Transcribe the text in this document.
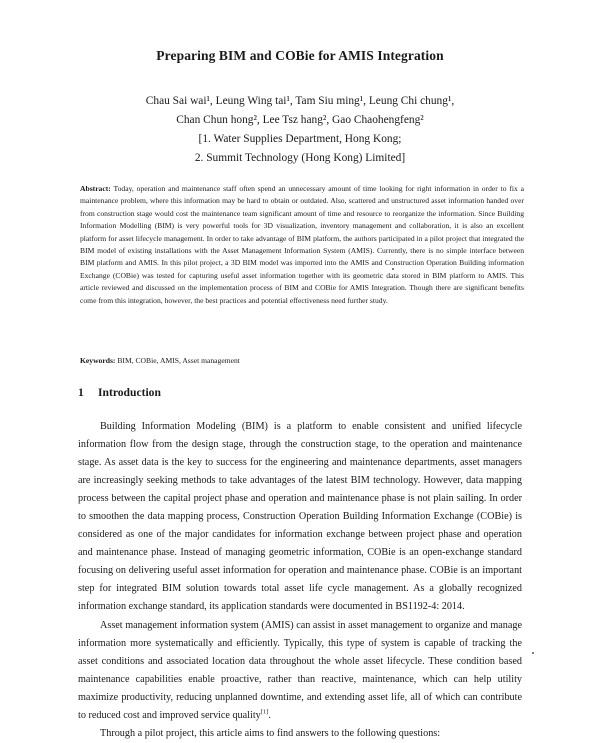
Preparing BIM and COBie for AMIS Integration
Chau Sai wai¹, Leung Wing tai¹, Tam Siu ming¹, Leung Chi chung¹,
Chan Chun hong², Lee Tsz hang², Gao Chaohengfeng²
[1. Water Supplies Department, Hong Kong;
2. Summit Technology (Hong Kong) Limited]
Abstract: Today, operation and maintenance staff often spend an unnecessary amount of time looking for right information in order to fix a maintenance problem, where this information may be hard to obtain or outdated. Also, scattered and unstructured asset information handed over from construction stage would cost the maintenance team significant amount of time and resource to reorganize the information. Since Building Information Modelling (BIM) is very powerful tools for 3D visualization, inventory management and collaboration, it is also an excellent platform for asset lifecycle management. In order to take advantage of BIM platform, the authors participated in a pilot project that integrated the BIM model of existing installations with the Asset Management Information System (AMIS). Currently, there is no simple interface between BIM platform and AMIS. In this pilot project, a 3D BIM model was imported into the AMIS and Construction Operation Building information Exchange (COBie) was tested for capturing useful asset information together with its geometric data stored in BIM platform to AMIS. This article reviewed and discussed on the implementation process of BIM and COBie for AMIS Integration. Though there are significant benefits come from this integration, however, the best practices and potential effectiveness need further study.
Keywords: BIM, COBie, AMIS, Asset management
1 Introduction

Building Information Modeling (BIM) is a platform to enable consistent and unified lifecycle information flow from the design stage, through the construction stage, to the operation and maintenance stage. As asset data is the key to success for the engineering and maintenance departments, asset managers are increasingly seeking methods to take advantages of the latest BIM technology. However, data mapping process between the capital project phase and operation and maintenance phase is not plain sailing. In order to smoothen the data mapping process, Construction Operation Building Information Exchange (COBie) is considered as one of the major candidates for information exchange between project phase and operation and maintenance phase. Instead of managing geometric information, COBie is an open-exchange standard focusing on delivering useful asset information for operation and maintenance phase. COBie is an important step for integrated BIM solution towards total asset life cycle management. As a globally recognized information exchange standard, its application standards were documented in BS1192-4: 2014.

Asset management information system (AMIS) can assist in asset management to organize and manage information more systematically and efficiently. Typically, this type of system is capable of tracking the asset conditions and associated location data throughout the whole asset lifecycle. These condition based maintenance capabilities enable proactive, rather than reactive, maintenance, which can help utility maximize productivity, reducing unplanned downtime, and extending asset life, all of which can contribute to reduced cost and improved service quality[1].

Through a pilot project, this article aims to find answers to the following questions:
